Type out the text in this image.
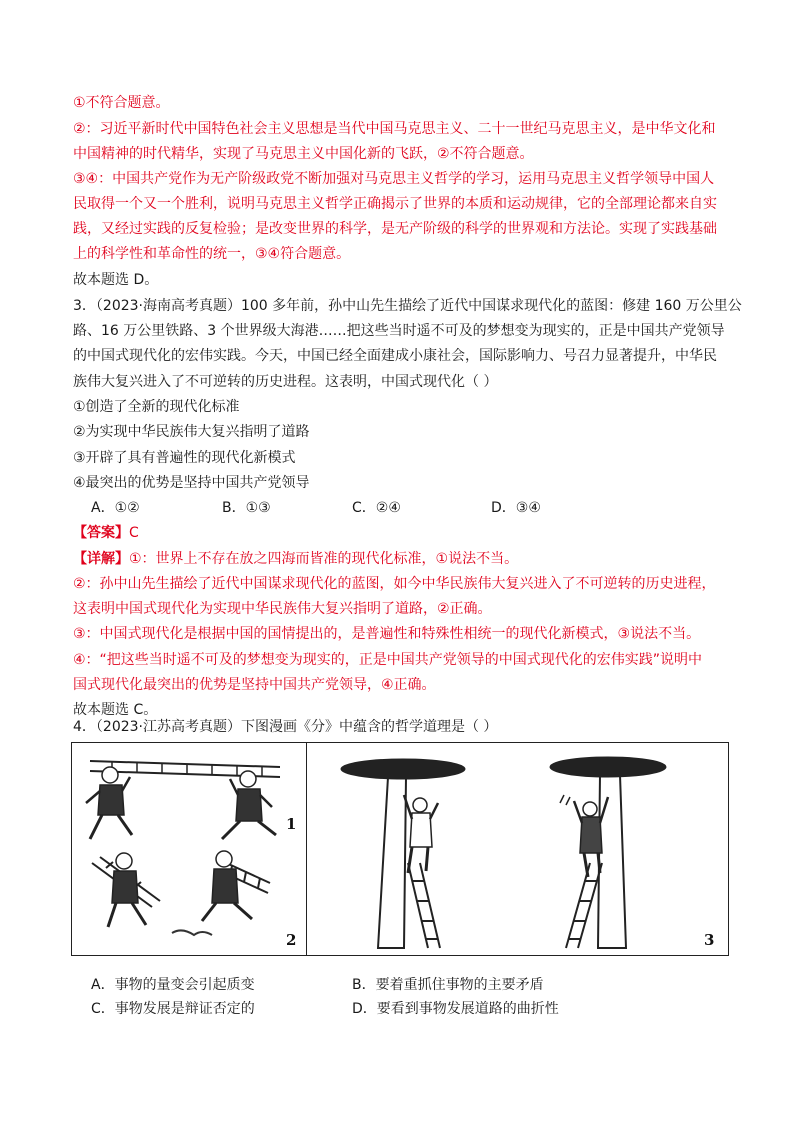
①不符合题意。
②：习近平新时代中国特色社会主义思想是当代中国马克思主义、二十一世纪马克思主义，是中华文化和
中国精神的时代精华，实现了马克思主义中国化新的飞跃，②不符合题意。
③④：中国共产党作为无产阶级政党不断加强对马克思主义哲学的学习，运用马克思主义哲学领导中国人
民取得一个又一个胜利，说明马克思主义哲学正确揭示了世界的本质和运动规律，它的全部理论都来自实
践，又经过实践的反复检验；是改变世界的科学，是无产阶级的科学的世界观和方法论。实现了实践基础
上的科学性和革命性的统一，③④符合题意。
故本题选 D。
3．（2023·海南高考真题）100 多年前，孙中山先生描绘了近代中国谋求现代化的蓝图：修建 160 万公里公
路、16 万公里铁路、3 个世界级大海港……把这些当时遥不可及的梦想变为现实的，正是中国共产党领导
的中国式现代化的宏伟实践。今天，中国已经全面建成小康社会，国际影响力、号召力显著提升，中华民
族伟大复兴进入了不可逆转的历史进程。这表明，中国式现代化（ ）
①创造了全新的现代化标准
②为实现中华民族伟大复兴指明了道路
③开辟了具有普遍性的现代化新模式
④最突出的优势是坚持中国共产党领导
A．①②	B．①③	C．②④	D．③④
【答案】C
【详解】①：世界上不存在放之四海而皆准的现代化标准，①说法不当。
②：孙中山先生描绘了近代中国谋求现代化的蓝图，如今中华民族伟大复兴进入了不可逆转的历史进程，
这表明中国式现代化为实现中华民族伟大复兴指明了道路，②正确。
③：中国式现代化是根据中国的国情提出的，是普遍性和特殊性相统一的现代化新模式，③说法不当。
④：“把这些当时遥不可及的梦想变为现实的，正是中国共产党领导的中国式现代化的宏伟实践”说明中
国式现代化最突出的优势是坚持中国共产党领导，④正确。
故本题选 C。
4．（2023·江苏高考真题）下图漫画《分》中蕴含的哲学道理是（ ）
1
2	3
A．事物的量变会引起质变	B．要着重抓住事物的主要矛盾
C．事物发展是辩证否定的	D．要看到事物发展道路的曲折性
